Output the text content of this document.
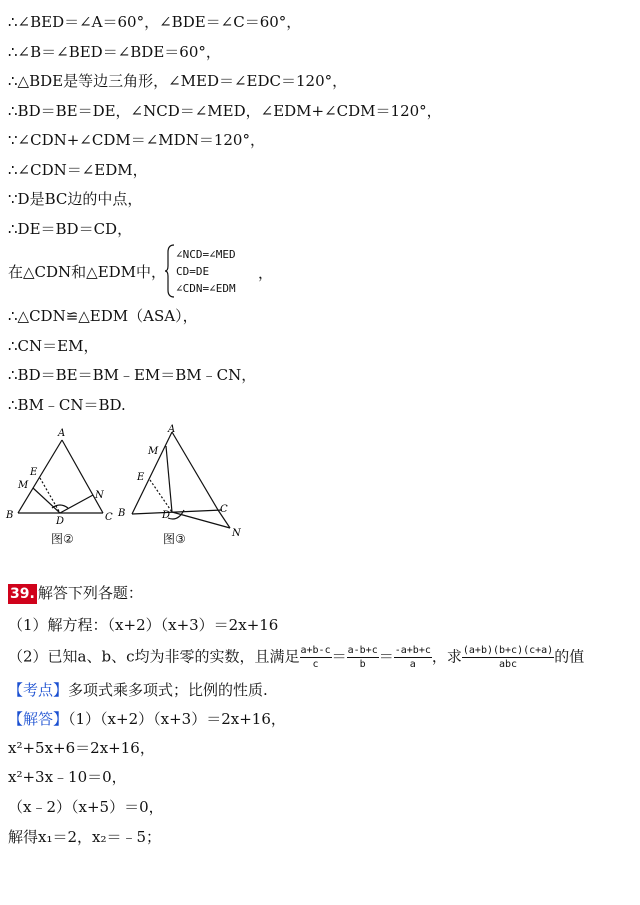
∴∠BED＝∠A＝60°，∠BDE＝∠C＝60°，
∴∠B＝∠BED＝∠BDE＝60°，
∴△BDE是等边三角形，∠MED＝∠EDC＝120°，
∴BD＝BE＝DE，∠NCD＝∠MED，∠EDM+∠CDM＝120°，
∵∠CDN+∠CDM＝∠MDN＝120°，
∴∠CDN＝∠EDM，
∵D是BC边的中点，
∴DE＝BD＝CD，
在△CDN和△EDM中，
∠NCD=∠MED
CD=DE
∠CDN=∠EDM
，
∴△CDN≌△EDM（ASA），
∴CN＝EM，
∴BD＝BE＝BM﹣EM＝BM﹣CN，
∴BM﹣CN＝BD.
A
E
M
N
B
D	C
图②
A
M
E
B	D
C
N
图③
39. 解答下列各题：
（1）解方程：（x+2）（x+3）＝2x+16
（2）已知a、b、c均为非零的实数，且满足 $\frac{a+b-c}{c} = \frac{a-b+c}{b} = \frac{-a+b+c}{a}$ ，求 $\frac{(a+b)(b+c)(c+a)}{\text{abc}}$ 的值
【考点】多项式乘多项式；比例的性质.
【解答】（1）（x+2）（x+3）＝2x+16，
x²+5x+6＝2x+16，
x²+3x﹣10＝0，
（x﹣2）（x+5）＝0，
解得x₁＝2，x₂＝﹣5；
